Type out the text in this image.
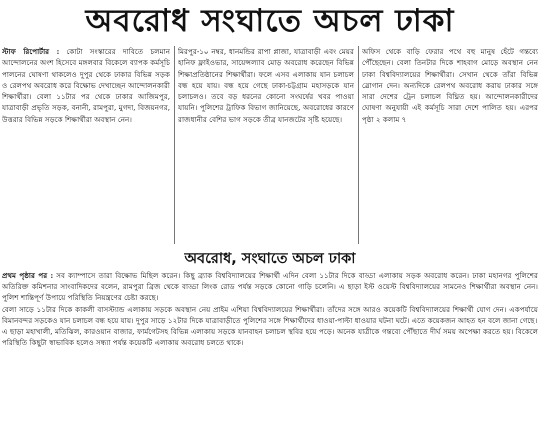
অবরোধ সংঘাতে অচল ঢাকা

স্টাফ রিপোর্টার : কোটা সংস্কারের দাবিতে চলমান আন্দোলনের অংশ হিসেবে মঙ্গলবার বিকেলে ব্যাপক কর্মসূচি পালনের ঘোষণা থাকলেও দুপুর থেকে ঢাকার বিভিন্ন সড়ক ও রেলপথ অবরোধ করে বিক্ষোভ দেখাচ্ছেন আন্দোলনকারী শিক্ষার্থীরা। বেলা ১১টার পর থেকে ঢাকার আজিমপুর, যাত্রাবাড়ী প্রভৃতি সড়ক, বনানী, রামপুরা, মুগদা, বিজয়নগর, উত্তরার বিভিন্ন সড়কে শিক্ষার্থীরা অবস্থান নেন।

মিরপুর-১০ নম্বর, ধানমন্ডির রাপা প্লাজা, যাত্রাবাড়ী এবং মেয়র হানিফ ফ্লাইওভার, সায়েন্সল্যাব মোড় অবরোধ করেছেন বিভিন্ন শিক্ষাপ্রতিষ্ঠানের শিক্ষার্থীরা। ফলে এসব এলাকায় যান চলাচল বন্ধ হয়ে যায়। বন্ধ হয়ে গেছে ঢাকা-চট্টগ্রাম মহাসড়কে যান চলাচলও। তবে বড় ধরনের কোনো সংঘর্ষের খবর পাওয়া যায়নি। পুলিশের ট্রাফিক বিভাগ জানিয়েছে, অবরোধের কারণে রাজধানীর বেশির ভাগ সড়কে তীব্র যানজটের সৃষ্টি হয়েছে।

অফিস থেকে বাড়ি ফেরার পথে বহু মানুষ হেঁটে গন্তব্যে পৌঁছেছেন। বেলা তিনটার দিকে শাহবাগ মোড়ে অবস্থান নেন ঢাকা বিশ্ববিদ্যালয়ের শিক্ষার্থীরা। সেখান থেকে তাঁরা বিভিন্ন স্লোগান দেন। অন্যদিকে রেলপথ অবরোধ করায় ঢাকার সঙ্গে সারা দেশের ট্রেন চলাচল বিঘ্নিত হয়। আন্দোলনকারীদের ঘোষণা অনুযায়ী এই কর্মসূচি সারা দেশে পালিত হয়। এরপর পৃষ্ঠা ২ কলাম ৭

অবরোধ, সংঘাতে অচল ঢাকা

প্রথম পৃষ্ঠার পর : সব ক্যাম্পাসে তারা বিক্ষোভ মিছিল করেন। কিছু ব্র্যাক বিশ্ববিদ্যালয়ের শিক্ষার্থী এদিন বেলা ১১টার দিকে বাড্ডা এলাকায় সড়ক অবরোধ করেন। ঢাকা মহানগর পুলিশের অতিরিক্ত কমিশনার সাংবাদিকদের বলেন, রামপুরা ব্রিজ থেকে বাড্ডা লিংক রোড পর্যন্ত সড়কে কোনো গাড়ি চলেনি। এ ছাড়া ইস্ট ওয়েস্ট বিশ্ববিদ্যালয়ের সামনেও শিক্ষার্থীরা অবস্থান নেন। পুলিশ শান্তিপূর্ণ উপায়ে পরিস্থিতি নিয়ন্ত্রণের চেষ্টা করছে।

বেলা সাড়ে ১১টার দিকে কাকলী বাসস্ট্যান্ড এলাকায় সড়কে অবস্থান নেয় প্রাইম এশিয়া বিশ্ববিদ্যালয়ের শিক্ষার্থীরা। তাঁদের সঙ্গে আরও কয়েকটি বিশ্ববিদ্যালয়ের শিক্ষার্থী যোগ দেন। একপর্যায়ে বিমানবন্দর সড়কেও যান চলাচল বন্ধ হয়ে যায়। দুপুর সাড়ে ১২টার দিকে যাত্রাবাড়ীতে পুলিশের সঙ্গে শিক্ষার্থীদের ধাওয়া-পাল্টা ধাওয়ার ঘটনা ঘটে। এতে কয়েকজন আহত হন বলে জানা গেছে।

এ ছাড়া মহাখালী, মতিঝিল, কারওয়ান বাজার, ফার্মগেটসহ বিভিন্ন এলাকায় সড়কে যানবাহন চলাচল স্থবির হয়ে পড়ে। অনেক যাত্রীকে গন্তব্যে পৌঁছাতে দীর্ঘ সময় অপেক্ষা করতে হয়। বিকেলে পরিস্থিতি কিছুটা স্বাভাবিক হলেও সন্ধ্যা পর্যন্ত কয়েকটি এলাকায় অবরোধ চলতে থাকে।
